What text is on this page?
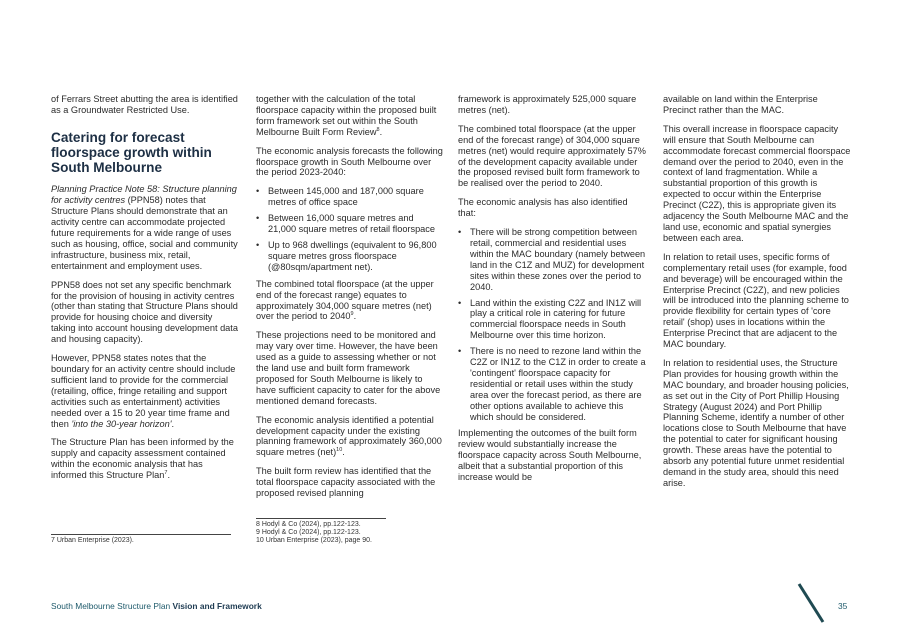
of Ferrars Street abutting the area is identified as a Groundwater Restricted Use.

Catering for forecast floorspace growth within South Melbourne

Planning Practice Note 58: Structure planning for activity centres (PPN58) notes that Structure Plans should demonstrate that an activity centre can accommodate projected future requirements for a wide range of uses such as housing, office, social and community infrastructure, business mix, retail, entertainment and employment uses.

PPN58 does not set any specific benchmark for the provision of housing in activity centres (other than stating that Structure Plans should provide for housing choice and diversity taking into account housing development data and housing capacity).

However, PPN58 states notes that the boundary for an activity centre should include sufficient land to provide for the commercial (retailing, office, fringe retailing and support activities such as entertainment) activities needed over a 15 to 20 year time frame and then 'into the 30-year horizon'.

The Structure Plan has been informed by the supply and capacity assessment contained within the economic analysis that has informed this Structure Plan$^7$.

7 Urban Enterprise (2023).

together with the calculation of the total floorspace capacity within the proposed built form framework set out within the South Melbourne Built Form Review$^8$.

The economic analysis forecasts the following floorspace growth in South Melbourne over the period 2023-2040:

• Between 145,000 and 187,000 square metres of office space
• Between 16,000 square metres and 21,000 square metres of retail floorspace
• Up to 968 dwellings (equivalent to 96,800 square metres gross floorspace (@80sqm/apartment net).

The combined total floorspace (at the upper end of the forecast range) equates to approximately 304,000 square metres (net) over the period to 2040$^9$.

These projections need to be monitored and may vary over time. However, the have been used as a guide to assessing whether or not the land use and built form framework proposed for South Melbourne is likely to have sufficient capacity to cater for the above mentioned demand forecasts.

The economic analysis identified a potential development capacity under the existing planning framework of approximately 360,000 square metres (net)$^{10}$.

The built form review has identified that the total floorspace capacity associated with the proposed revised planning

8 Hodyl & Co (2024), pp.122-123.
9 Hodyl & Co (2024), pp.122-123.
10 Urban Enterprise (2023), page 90.

framework is approximately 525,000 square metres (net).

The combined total floorspace (at the upper end of the forecast range) of 304,000 square metres (net) would require approximately 57% of the development capacity available under the proposed revised built form framework to be realised over the period to 2040.

The economic analysis has also identified that:

• There will be strong competition between retail, commercial and residential uses within the MAC boundary (namely between land in the C1Z and MUZ) for development sites within these zones over the period to 2040.
• Land within the existing C2Z and IN1Z will play a critical role in catering for future commercial floorspace needs in South Melbourne over this time horizon.
• There is no need to rezone land within the C2Z or IN1Z to the C1Z in order to create a 'contingent' floorspace capacity for residential or retail uses within the study area over the forecast period, as there are other options available to achieve this which should be considered.

Implementing the outcomes of the built form review would substantially increase the floorspace capacity across South Melbourne, albeit that a substantial proportion of this increase would be

available on land within the Enterprise Precinct rather than the MAC.

This overall increase in floorspace capacity will ensure that South Melbourne can accommodate forecast commercial floorspace demand over the period to 2040, even in the context of land fragmentation. While a substantial proportion of this growth is expected to occur within the Enterprise Precinct (C2Z), this is appropriate given its adjacency the South Melbourne MAC and the land use, economic and spatial synergies between each area.

In relation to retail uses, specific forms of complementary retail uses (for example, food and beverage) will be encouraged within the Enterprise Precinct (C2Z), and new policies will be introduced into the planning scheme to provide flexibility for certain types of 'core retail' (shop) uses in locations within the Enterprise Precinct that are adjacent to the MAC boundary.

In relation to residential uses, the Structure Plan provides for housing growth within the MAC boundary, and broader housing policies, as set out in the City of Port Phillip Housing Strategy (August 2024) and Port Phillip Planning Scheme, identify a number of other locations close to South Melbourne that have the potential to cater for significant housing growth. These areas have the potential to absorb any potential future unmet residential demand in the study area, should this need arise.

South Melbourne Structure Plan Vision and Framework	35
